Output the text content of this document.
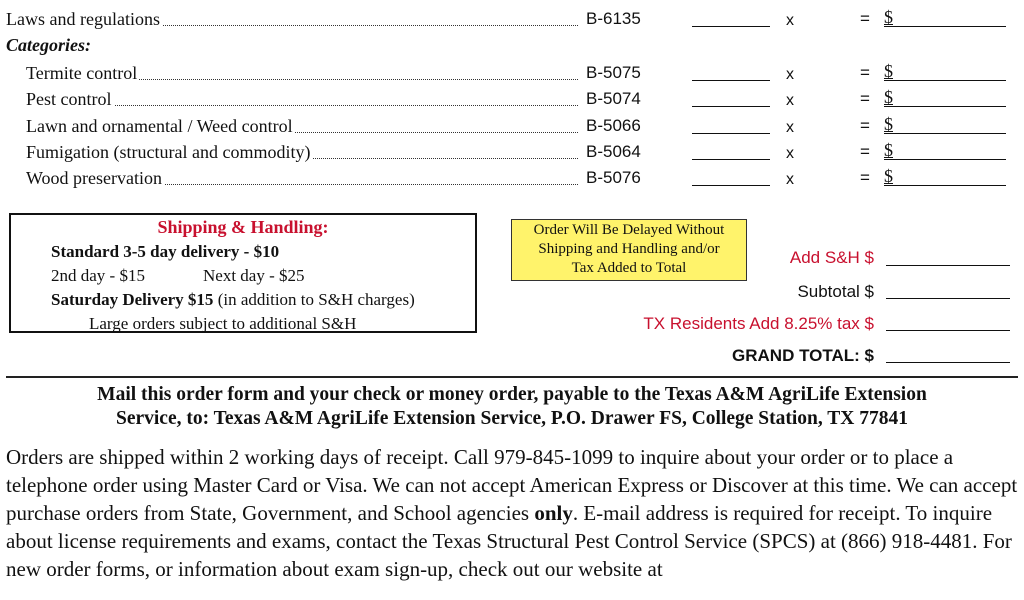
Laws and regulations	B-6135	x	= $
Categories:
Termite control	B-5075	x	= $
Pest control	B-5074	x	= $
Lawn and ornamental / Weed control	B-5066	x	= $
Fumigation (structural and commodity)	B-5064	x	= $
Wood preservation	B-5076	x	= $
Shipping & Handling:
Standard 3-5 day delivery - $10
2nd day - $15	Next day - $25
Saturday Delivery $15 (in addition to S&H charges)
Large orders subject to additional S&H
Order Will Be Delayed Without
Shipping and Handling and/or
Tax Added to Total
Add S&H $
Subtotal $
TX Residents Add 8.25% tax $
GRAND TOTAL: $
Mail this order form and your check or money order, payable to the Texas A&M AgriLife Extension
Service, to: Texas A&M AgriLife Extension Service, P.O. Drawer FS, College Station, TX 77841
Orders are shipped within 2 working days of receipt. Call 979-845-1099 to inquire about your order or to place a telephone order using Master Card or Visa. We can not accept American Express or Discover at this time. We can accept purchase orders from State, Government, and School agencies only. E-mail address is required for receipt. To inquire about license requirements and exams, contact the Texas Structural Pest Control Service (SPCS) at (866) 918-4481. For new order forms, or information about exam sign-up, check out our website at
